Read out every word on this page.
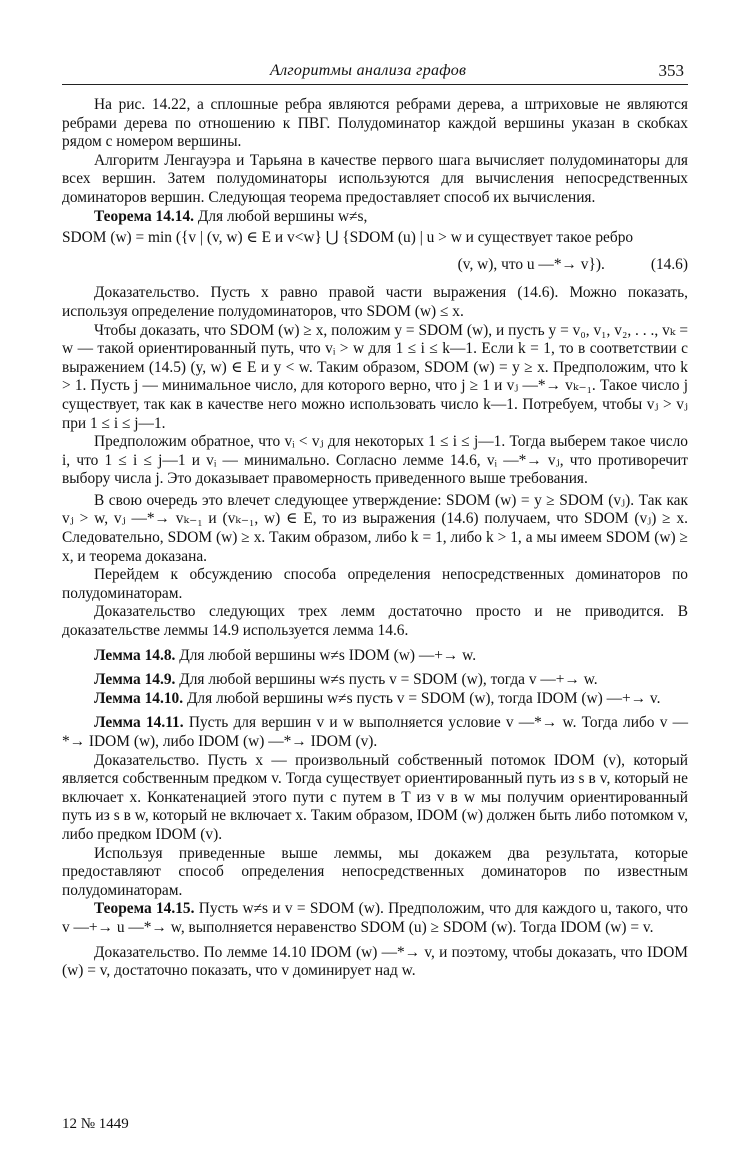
Алгоритмы анализа графов	353

На рис. 14.22, а сплошные ребра являются ребрами дерева, а штриховые не являются ребрами дерева по отношению к ПВГ. Полудоминатор каждой вершины указан в скобках рядом с номером вершины.

Алгоритм Ленгауэра и Тарьяна в качестве первого шага вычисляет полудоминаторы для всех вершин. Затем полудоминаторы используются для вычисления непосредственных доминаторов вершин. Следующая теорема предоставляет способ их вычисления.

Теорема 14.14. Для любой вершины w≠s,

SDOM (w) = min ({v | (v, w) ∈ E и v<w} ⋃ {SDOM (u) | u > w и существует такое ребро

(v, w), что u —*→ v}).	(14.6)

Доказательство. Пусть x равно правой части выражения (14.6). Можно показать, используя определение полудоминаторов, что SDOM (w) ≤ x.

Чтобы доказать, что SDOM (w) ≥ x, положим y = SDOM (w), и пусть y = v₀, v₁, v₂, . . ., vₖ = w — такой ориентированный путь, что vᵢ > w для 1 ≤ i ≤ k—1. Если k = 1, то в соответствии с выражением (14.5) (y, w) ∈ E и y < w. Таким образом, SDOM (w) = y ≥ x. Предположим, что k > 1. Пусть j — минимальное число, для которого верно, что j ≥ 1 и vⱼ —*→ vₖ₋₁. Такое число j существует, так как в качестве него можно использовать число k—1. Потребуем, чтобы vⱼ > vⱼ при 1 ≤ i ≤ j—1.

Предположим обратное, что vᵢ < vⱼ для некоторых 1 ≤ i ≤ j—1. Тогда выберем такое число i, что 1 ≤ i ≤ j—1 и vᵢ — минимально. Согласно лемме 14.6, vᵢ —*→ vⱼ, что противоречит выбору числа j. Это доказывает правомерность приведенного выше требования.

В свою очередь это влечет следующее утверждение: SDOM (w) = y ≥ SDOM (vⱼ). Так как vⱼ > w, vⱼ —*→ vₖ₋₁ и (vₖ₋₁, w) ∈ E, то из выражения (14.6) получаем, что SDOM (vⱼ) ≥ x. Следовательно, SDOM (w) ≥ x. Таким образом, либо k = 1, либо k > 1, а мы имеем SDOM (w) ≥ x, и теорема доказана.

Перейдем к обсуждению способа определения непосредственных доминаторов по полудоминаторам.

Доказательство следующих трех лемм достаточно просто и не приводится. В доказательстве леммы 14.9 используется лемма 14.6.

Лемма 14.8. Для любой вершины w≠s IDOM (w) —+→ w.

Лемма 14.9. Для любой вершины w≠s пусть v = SDOM (w), тогда v —+→ w.

Лемма 14.10. Для любой вершины w≠s пусть v = SDOM (w), тогда IDOM (w) —+→ v.

Лемма 14.11. Пусть для вершин v и w выполняется условие v —*→ w. Тогда либо v —*→ IDOM (w), либо IDOM (w) —*→ IDOM (v).

Доказательство. Пусть x — произвольный собственный потомок IDOM (v), который является собственным предком v. Тогда существует ориентированный путь из s в v, который не включает x. Конкатенацией этого пути с путем в T из v в w мы получим ориентированный путь из s в w, который не включает x. Таким образом, IDOM (w) должен быть либо потомком v, либо предком IDOM (v).

Используя приведенные выше леммы, мы докажем два результата, которые предоставляют способ определения непосредственных доминаторов по известным полудоминаторам.

Теорема 14.15. Пусть w≠s и v = SDOM (w). Предположим, что для каждого u, такого, что v —+→ u —*→ w, выполняется неравенство SDOM (u) ≥ SDOM (w). Тогда IDOM (w) = v.

Доказательство. По лемме 14.10 IDOM (w) —*→ v, и поэтому, чтобы доказать, что IDOM (w) = v, достаточно показать, что v доминирует над w.

12 № 1449
